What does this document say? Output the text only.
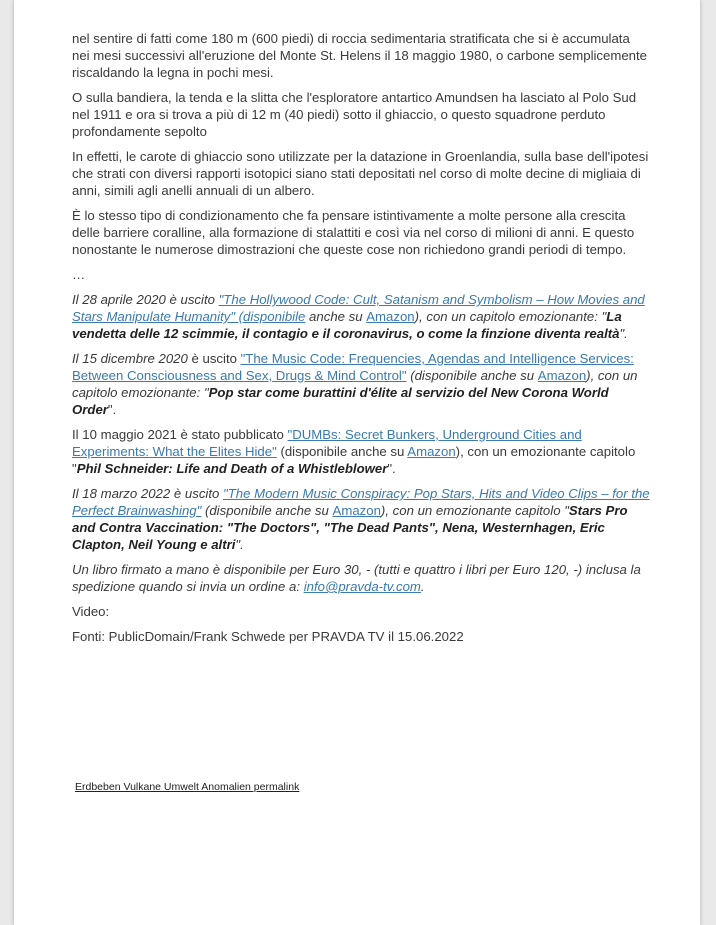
nel sentire di fatti come 180 m (600 piedi) di roccia sedimentaria stratificata che si è accumulata nei mesi successivi all'eruzione del Monte St. Helens il 18 maggio 1980, o carbone semplicemente riscaldando la legna in pochi mesi.

O sulla bandiera, la tenda e la slitta che l'esploratore antartico Amundsen ha lasciato al Polo Sud nel 1911 e ora si trova a più di 12 m (40 piedi) sotto il ghiaccio, o questo squadrone perduto profondamente sepolto

In effetti, le carote di ghiaccio sono utilizzate per la datazione in Groenlandia, sulla base dell'ipotesi che strati con diversi rapporti isotopici siano stati depositati nel corso di molte decine di migliaia di anni, simili agli anelli annuali di un albero.

È lo stesso tipo di condizionamento che fa pensare istintivamente a molte persone alla crescita delle barriere coralline, alla formazione di stalattiti e così via nel corso di milioni di anni. E questo nonostante le numerose dimostrazioni che queste cose non richiedono grandi periodi di tempo.

…

Il 28 aprile 2020 è uscito "The Hollywood Code: Cult, Satanism and Symbolism – How Movies and Stars Manipulate Humanity" (disponibile anche su Amazon), con un capitolo emozionante: "La vendetta delle 12 scimmie, il contagio e il coronavirus, o come la finzione diventa realtà".

Il 15 dicembre 2020 è uscito "The Music Code: Frequencies, Agendas and Intelligence Services: Between Consciousness and Sex, Drugs & Mind Control" (disponibile anche su Amazon), con un capitolo emozionante: "Pop star come burattini d'élite al servizio del New Corona World Order".

Il 10 maggio 2021 è stato pubblicato "DUMBs: Secret Bunkers, Underground Cities and Experiments: What the Elites Hide" (disponibile anche su Amazon), con un emozionante capitolo "Phil Schneider: Life and Death of a Whistleblower".

Il 18 marzo 2022 è uscito "The Modern Music Conspiracy: Pop Stars, Hits and Video Clips – for the Perfect Brainwashing" (disponibile anche su Amazon), con un emozionante capitolo "Stars Pro and Contra Vaccination: "The Doctors", "The Dead Pants", Nena, Westernhagen, Eric Clapton, Neil Young e altri".

Un libro firmato a mano è disponibile per Euro 30, - (tutti e quattro i libri per Euro 120, -) inclusa la spedizione quando si invia un ordine a: info@pravda-tv.com.

Video:

Fonti: PublicDomain/Frank Schwede per PRAVDA TV il 15.06.2022

Erdbeben Vulkane Umwelt Anomalien permalink
